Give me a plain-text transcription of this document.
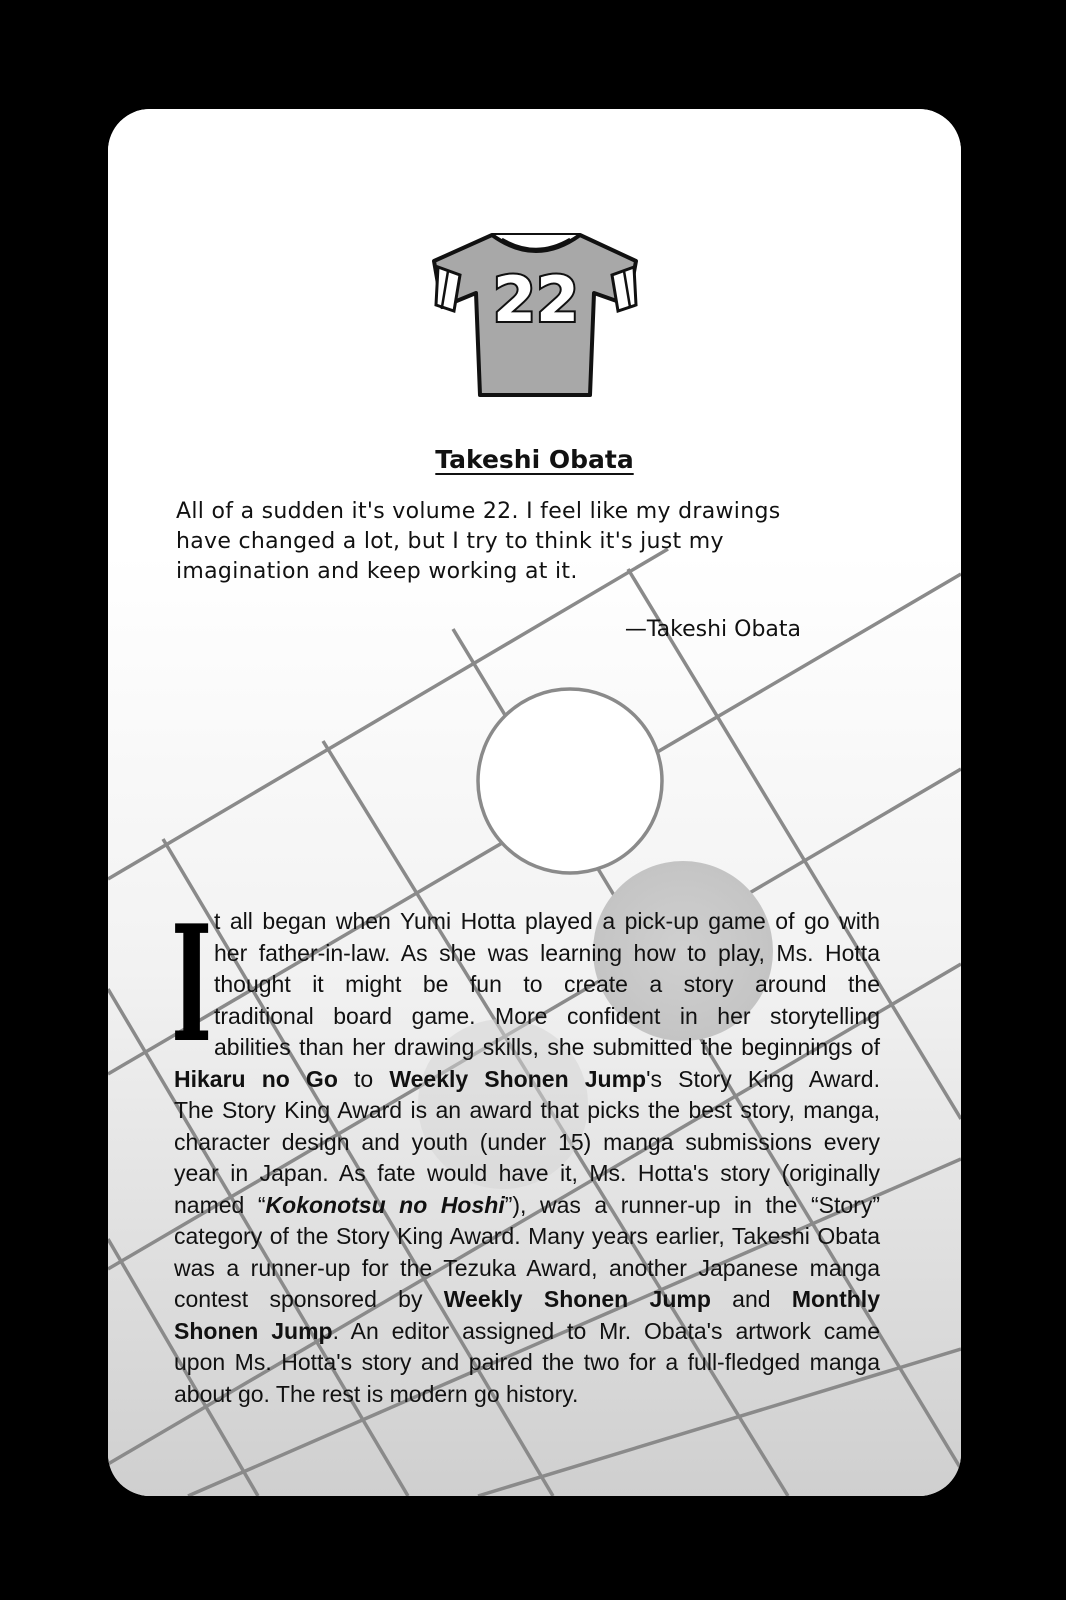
22
Takeshi Obata
All of a sudden it's volume 22. I feel like my drawings
have changed a lot, but I try to think it's just my
imagination and keep working at it.
—Takeshi Obata
I t all began when Yumi Hotta played a pick-up game of go with
her father-in-law. As she was learning how to play, Ms. Hotta
thought it might be fun to create a story around the
traditional board game. More confident in her storytelling
abilities than her drawing skills, she submitted the beginnings of
Hikaru no Go to Weekly Shonen Jump's Story King Award.
The Story King Award is an award that picks the best story, manga,
character design and youth (under 15) manga submissions every
year in Japan. As fate would have it, Ms. Hotta's story (originally
named “Kokonotsu no Hoshi”), was a runner-up in the “Story”
category of the Story King Award. Many years earlier, Takeshi Obata
was a runner-up for the Tezuka Award, another Japanese manga
contest sponsored by Weekly Shonen Jump and Monthly
Shonen Jump. An editor assigned to Mr. Obata's artwork came
upon Ms. Hotta's story and paired the two for a full-fledged manga
about go. The rest is modern go history.
